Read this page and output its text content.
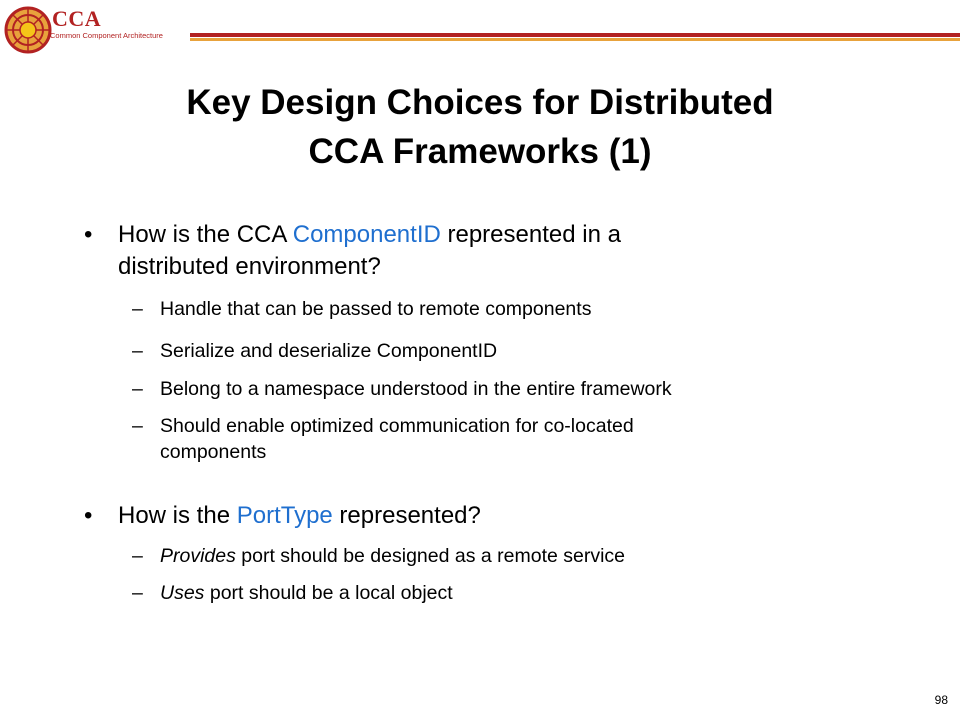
CCA
Common Component Architecture
Key Design Choices for Distributed
CCA Frameworks (1)
• How is the CCA ComponentID represented in a
distributed environment?
– Handle that can be passed to remote components
– Serialize and deserialize ComponentID
– Belong to a namespace understood in the entire framework
– Should enable optimized communication for co-located
components
• How is the PortType represented?
– Provides port should be designed as a remote service
– Uses port should be a local object
98
